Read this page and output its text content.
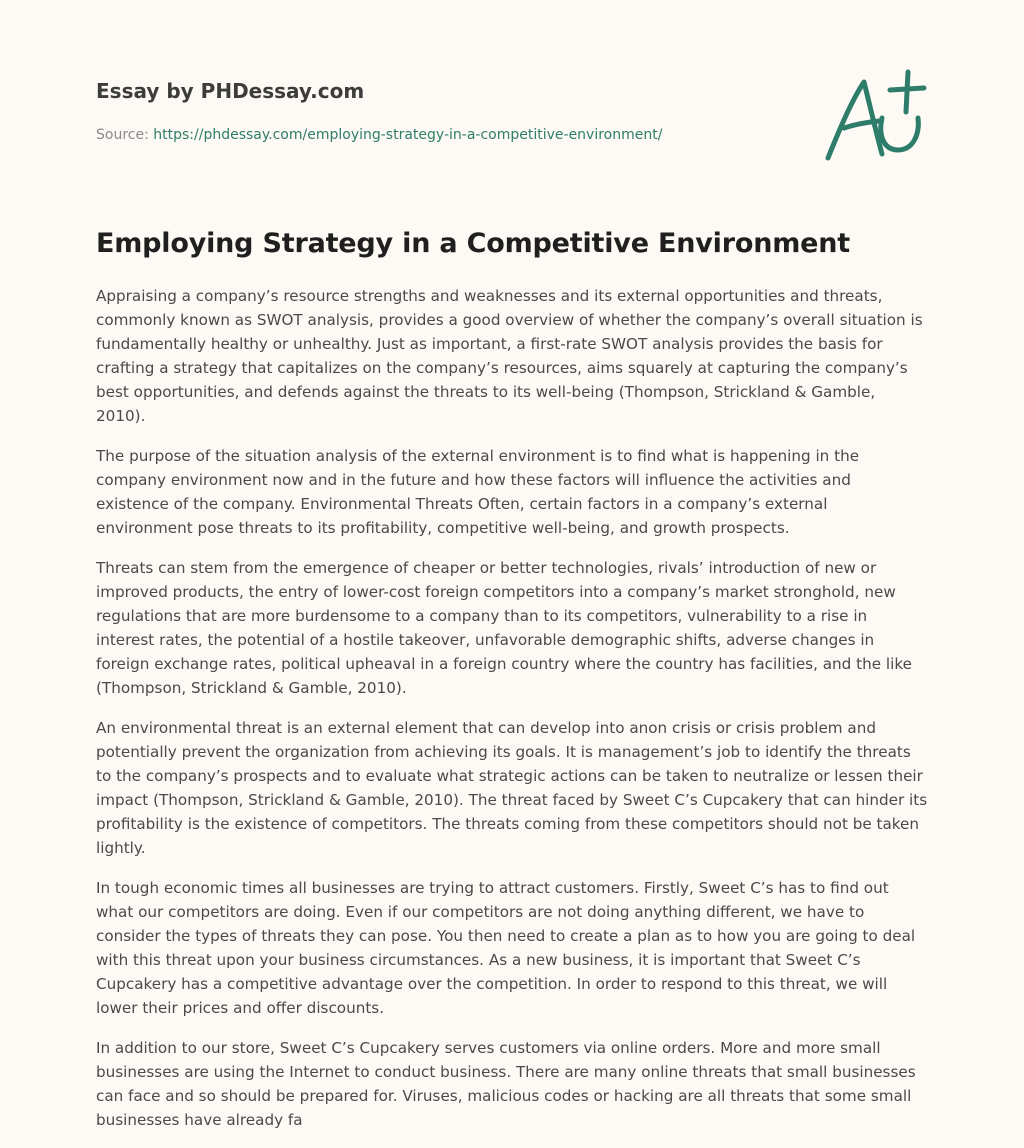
Essay by PHDessay.com
Source: https://phdessay.com/employing-strategy-in-a-competitive-environment/
Employing Strategy in a Competitive Environment

Appraising a company’s resource strengths and weaknesses and its external opportunities and threats, commonly known as SWOT analysis, provides a good overview of whether the company’s overall situation is fundamentally healthy or unhealthy. Just as important, a first-rate SWOT analysis provides the basis for crafting a strategy that capitalizes on the company’s resources, aims squarely at capturing the company’s best opportunities, and defends against the threats to its well-being (Thompson, Strickland & Gamble, 2010).

The purpose of the situation analysis of the external environment is to find what is happening in the company environment now and in the future and how these factors will influence the activities and existence of the company. Environmental Threats Often, certain factors in a company’s external environment pose threats to its profitability, competitive well-being, and growth prospects.

Threats can stem from the emergence of cheaper or better technologies, rivals’ introduction of new or improved products, the entry of lower-cost foreign competitors into a company’s market stronghold, new regulations that are more burdensome to a company than to its competitors, vulnerability to a rise in interest rates, the potential of a hostile takeover, unfavorable demographic shifts, adverse changes in foreign exchange rates, political upheaval in a foreign country where the country has facilities, and the like (Thompson, Strickland & Gamble, 2010).

An environmental threat is an external element that can develop into anon crisis or crisis problem and potentially prevent the organization from achieving its goals. It is management’s job to identify the threats to the company’s prospects and to evaluate what strategic actions can be taken to neutralize or lessen their impact (Thompson, Strickland & Gamble, 2010). The threat faced by Sweet C’s Cupcakery that can hinder its profitability is the existence of competitors. The threats coming from these competitors should not be taken lightly.

In tough economic times all businesses are trying to attract customers. Firstly, Sweet C’s has to find out what our competitors are doing. Even if our competitors are not doing anything different, we have to consider the types of threats they can pose. You then need to create a plan as to how you are going to deal with this threat upon your business circumstances. As a new business, it is important that Sweet C’s Cupcakery has a competitive advantage over the competition. In order to respond to this threat, we will lower their prices and offer discounts.

In addition to our store, Sweet C’s Cupcakery serves customers via online orders. More and more small businesses are using the Internet to conduct business. There are many online threats that small businesses can face and so should be prepared for. Viruses, malicious codes or hacking are all threats that some small businesses have already fa
